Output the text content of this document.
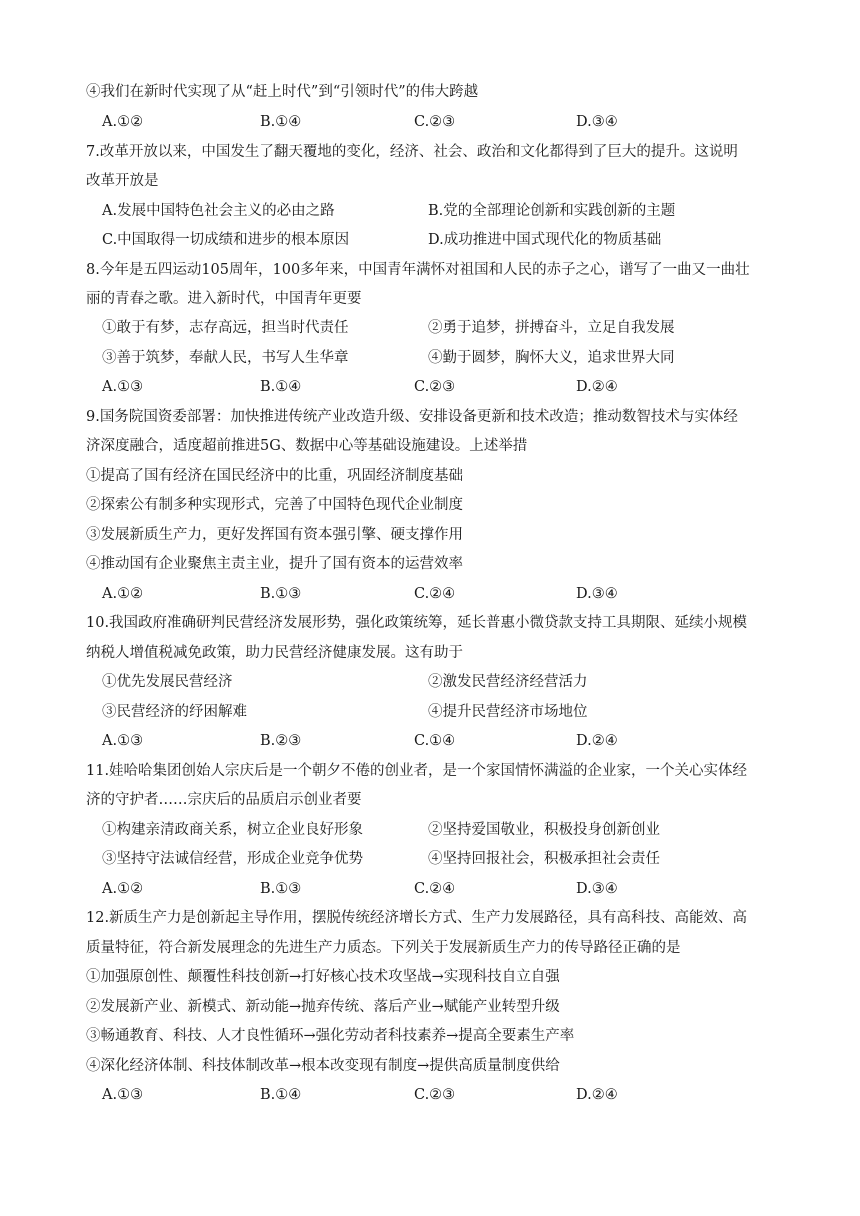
④我们在新时代实现了从“赶上时代”到“引领时代”的伟大跨越
A.①②	B.①④	C.②③	D.③④
7.改革开放以来，中国发生了翻天覆地的变化，经济、社会、政治和文化都得到了巨大的提升。这说明
改革开放是
A.发展中国特色社会主义的必由之路	B.党的全部理论创新和实践创新的主题
C.中国取得一切成绩和进步的根本原因	D.成功推进中国式现代化的物质基础
8.今年是五四运动105周年，100多年来，中国青年满怀对祖国和人民的赤子之心，谱写了一曲又一曲壮
丽的青春之歌。进入新时代，中国青年更要
①敢于有梦，志存高远，担当时代责任	②勇于追梦，拼搏奋斗，立足自我发展
③善于筑梦，奉献人民，书写人生华章	④勤于圆梦，胸怀大义，追求世界大同
A.①③	B.①④	C.②③	D.②④
9.国务院国资委部署：加快推进传统产业改造升级、安排设备更新和技术改造；推动数智技术与实体经
济深度融合，适度超前推进5G、数据中心等基础设施建设。上述举措
①提高了国有经济在国民经济中的比重，巩固经济制度基础
②探索公有制多种实现形式，完善了中国特色现代企业制度
③发展新质生产力，更好发挥国有资本强引擎、硬支撑作用
④推动国有企业聚焦主责主业，提升了国有资本的运营效率
A.①②	B.①③	C.②④	D.③④
10.我国政府准确研判民营经济发展形势，强化政策统筹，延长普惠小微贷款支持工具期限、延续小规模
纳税人增值税减免政策，助力民营经济健康发展。这有助于
①优先发展民营经济	②激发民营经济经营活力
③民营经济的纾困解难	④提升民营经济市场地位
A.①③	B.②③	C.①④	D.②④
11.娃哈哈集团创始人宗庆后是一个朝夕不倦的创业者，是一个家国情怀满溢的企业家，一个关心实体经
济的守护者……宗庆后的品质启示创业者要
①构建亲清政商关系，树立企业良好形象	②坚持爱国敬业，积极投身创新创业
③坚持守法诚信经营，形成企业竞争优势	④坚持回报社会，积极承担社会责任
A.①②	B.①③	C.②④	D.③④
12.新质生产力是创新起主导作用，摆脱传统经济增长方式、生产力发展路径，具有高科技、高能效、高
质量特征，符合新发展理念的先进生产力质态。下列关于发展新质生产力的传导路径正确的是
①加强原创性、颠覆性科技创新→打好核心技术攻坚战→实现科技自立自强
②发展新产业、新模式、新动能→抛弃传统、落后产业→赋能产业转型升级
③畅通教育、科技、人才良性循环→强化劳动者科技素养→提高全要素生产率
④深化经济体制、科技体制改革→根本改变现有制度→提供高质量制度供给
A.①③	B.①④	C.②③	D.②④
